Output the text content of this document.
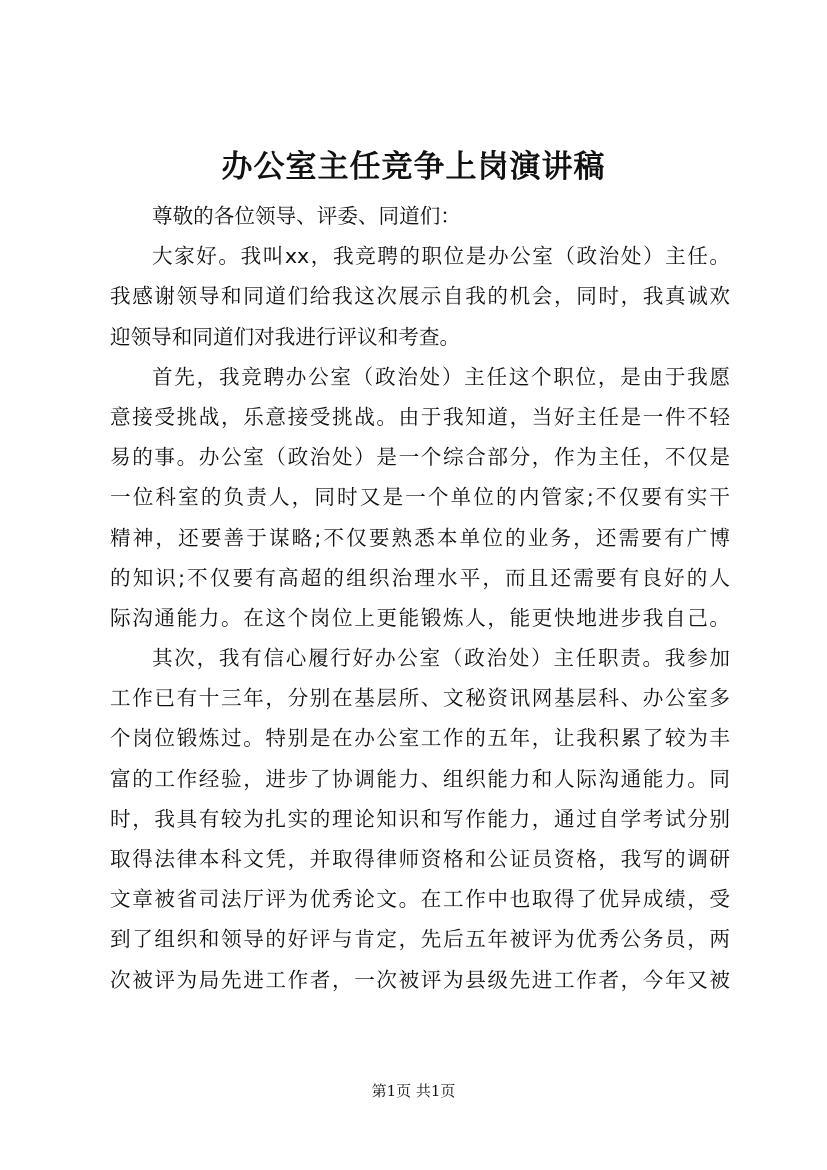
办公室主任竞争上岗演讲稿
尊敬的各位领导、评委、同道们：
大家好。我叫xx，我竞聘的职位是办公室（政治处）主任。
我感谢领导和同道们给我这次展示自我的机会，同时，我真诚欢
迎领导和同道们对我进行评议和考查。
首先，我竞聘办公室（政治处）主任这个职位，是由于我愿
意接受挑战，乐意接受挑战。由于我知道，当好主任是一件不轻
易的事。办公室（政治处）是一个综合部分，作为主任，不仅是
一位科室的负责人，同时又是一个单位的内管家;不仅要有实干
精神，还要善于谋略;不仅要熟悉本单位的业务，还需要有广博
的知识;不仅要有高超的组织治理水平，而且还需要有良好的人
际沟通能力。在这个岗位上更能锻炼人，能更快地进步我自己。
其次，我有信心履行好办公室（政治处）主任职责。我参加
工作已有十三年，分别在基层所、文秘资讯网基层科、办公室多
个岗位锻炼过。特别是在办公室工作的五年，让我积累了较为丰
富的工作经验，进步了协调能力、组织能力和人际沟通能力。同
时，我具有较为扎实的理论知识和写作能力，通过自学考试分别
取得法律本科文凭，并取得律师资格和公证员资格，我写的调研
文章被省司法厅评为优秀论文。在工作中也取得了优异成绩，受
到了组织和领导的好评与肯定，先后五年被评为优秀公务员，两
次被评为局先进工作者，一次被评为县级先进工作者，今年又被
第1页 共1页
